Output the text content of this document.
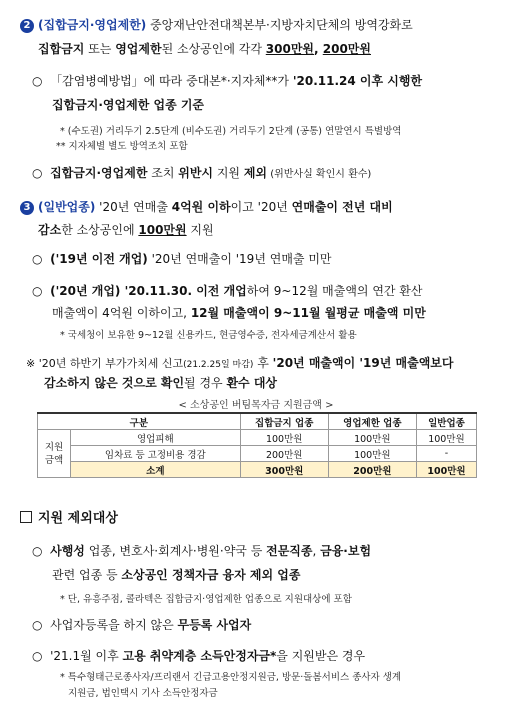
2 (집합금지·영업제한) 중앙재난안전대책본부·지방자치단체의 방역강화로
집합금지 또는 영업제한된 소상공인에 각각 300만원, 200만원
○  「감염병예방법」에 따라 중대본*·지자체**가 '20.11.24 이후 시행한
집합금지·영업제한 업종 기준
* (수도권) 거리두기 2.5단계 (비수도권) 거리두기 2단계 (공통) 연말연시 특별방역
** 지자체별 별도 방역조치 포함
○  집합금지·영업제한 조치 위반시 지원 제외 (위반사실 확인시 환수)
3 (일반업종) '20년 연매출 4억원 이하이고 '20년 연매출이 전년 대비
감소한 소상공인에 100만원 지원
○  ('19년 이전 개업) '20년 연매출이 '19년 연매출 미만
○  ('20년 개업) '20.11.30. 이전 개업하여 9~12월 매출액의 연간 환산
매출액이 4억원 이하이고, 12월 매출액이 9~11월 월평균 매출액 미만
* 국세청이 보유한 9~12월 신용카드, 현금영수증, 전자세금계산서 활용
※ '20년 하반기 부가가치세 신고(21.2.25일 마감) 후 '20년 매출액이 '19년 매출액보다
감소하지 않은 것으로 확인될 경우 환수 대상
< 소상공인 버팀목자금 지원금액 >
구분		집합금지 업종	영업제한 업종	일반업종
지원
금액	영업피해	100만원	100만원	100만원
	임차료 등 고정비용 경감	200만원	100만원	-
	소계	300만원	200만원	100만원
지원 제외대상
○  사행성 업종, 변호사·회계사·병원·약국 등 전문직종, 금융·보험
관련 업종 등 소상공인 정책자금 융자 제외 업종
* 단, 유흥주점, 콜라텍은 집합금지·영업제한 업종으로 지원대상에 포함
○  사업자등록을 하지 않은 무등록 사업자
○  '21.1월 이후 고용 취약계층 소득안정자금*을 지원받은 경우
* 특수형태근로종사자/프리랜서 긴급고용안정지원금, 방문·돌봄서비스 종사자 생계
지원금, 법인택시 기사 소득안정자금
